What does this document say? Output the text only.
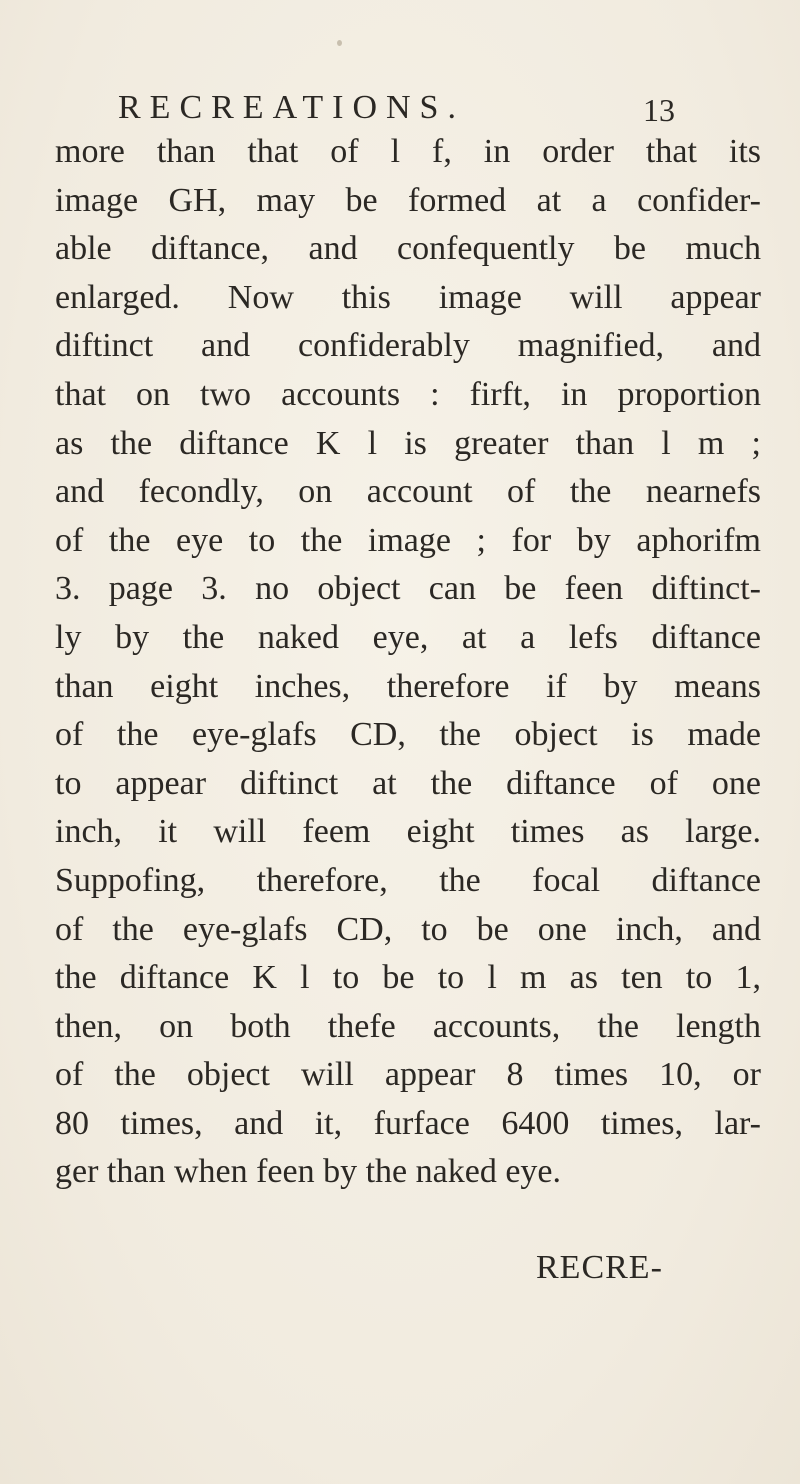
RECREATIONS.	13
more than that of l f, in order that its
image GH, may be formed at a confider-
able diftance, and confequently be much
enlarged. Now this image will appear
diftinct and confiderably magnified, and
that on two accounts : firft, in proportion
as the diftance K l is greater than l m ;
and fecondly, on account of the nearnefs
of the eye to the image ; for by aphorifm
3. page 3. no object can be feen diftinct-
ly by the naked eye, at a lefs diftance
than eight inches, therefore if by means
of the eye-glafs CD, the object is made
to appear diftinct at the diftance of one
inch, it will feem eight times as large.
Suppofing, therefore, the focal diftance
of the eye-glafs CD, to be one inch, and
the diftance K l to be to l m as ten to 1,
then, on both thefe accounts, the length
of the object will appear 8 times 10, or
80 times, and it, furface 6400 times, lar-
ger than when feen by the naked eye.
RECRE-
